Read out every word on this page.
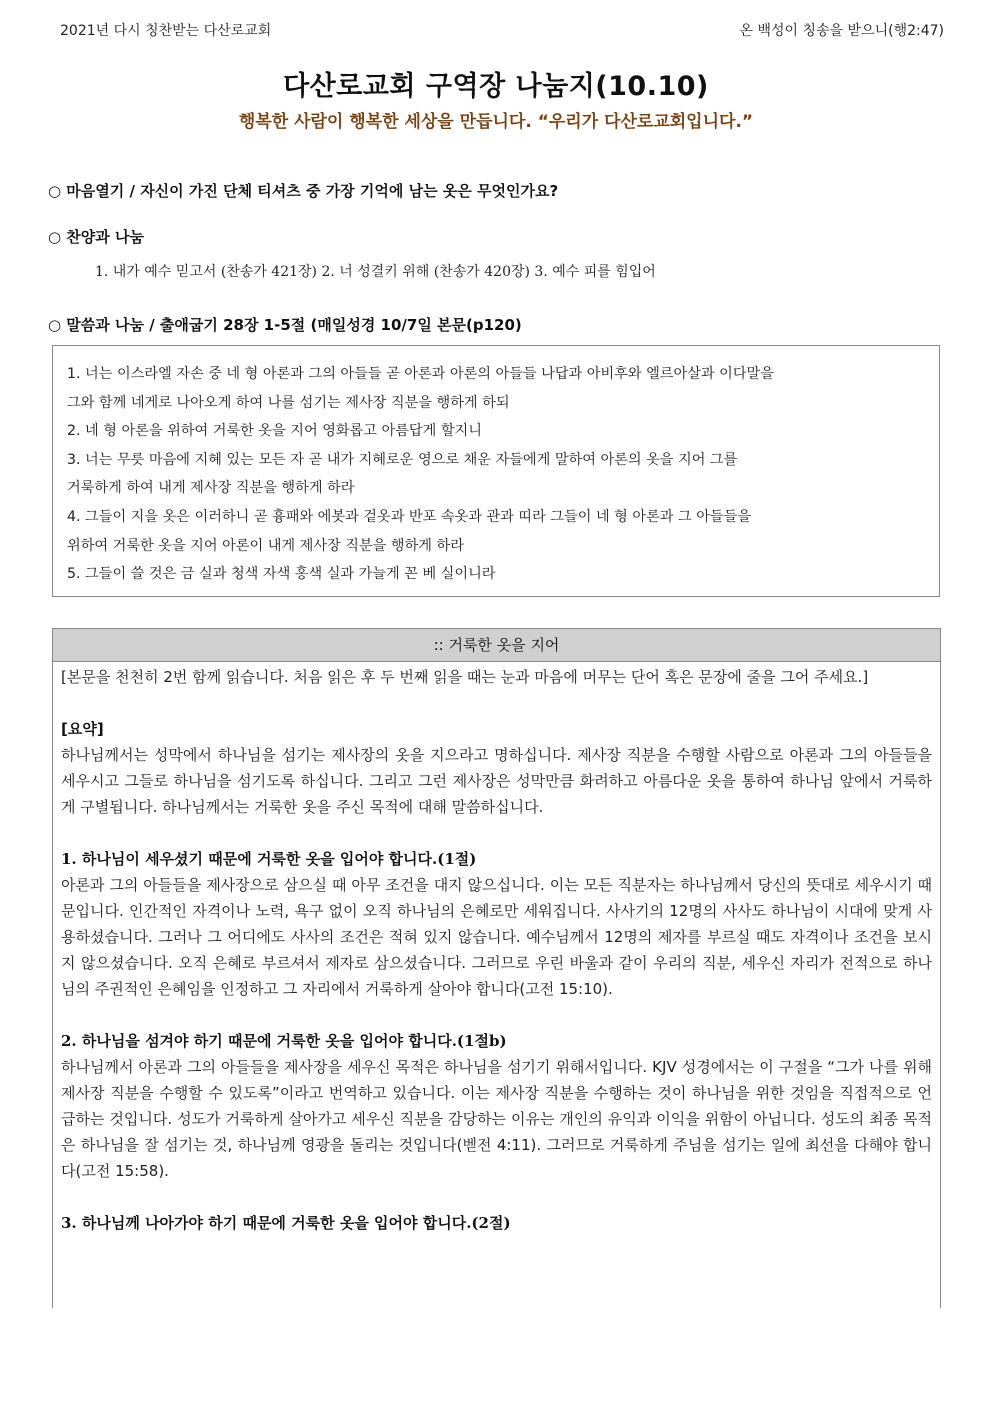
2021년 다시 칭찬받는 다산로교회	온 백성이 칭송을 받으니(행2:47)
다산로교회 구역장 나눔지(10.10)
행복한 사람이 행복한 세상을 만듭니다. “우리가 다산로교회입니다.”
○ 마음열기 / 자신이 가진 단체 티셔츠 중 가장 기억에 남는 옷은 무엇인가요?
○ 찬양과 나눔
1. 내가 예수 믿고서 (찬송가 421장) 2. 너 성결키 위해 (찬송가 420장) 3. 예수 피를 힘입어
○ 말씀과 나눔 / 출애굽기 28장 1-5절 (매일성경 10/7일 본문(p120)

1. 너는 이스라엘 자손 중 네 형 아론과 그의 아들들 곧 아론과 아론의 아들들 나답과 아비후와 엘르아살과 이다말을

그와 함께 네게로 나아오게 하여 나를 섬기는 제사장 직분을 행하게 하되

2. 네 형 아론을 위하여 거룩한 옷을 지어 영화롭고 아름답게 할지니

3. 너는 무릇 마음에 지혜 있는 모든 자 곧 내가 지혜로운 영으로 채운 자들에게 말하여 아론의 옷을 지어 그를

거룩하게 하여 내게 제사장 직분을 행하게 하라

4. 그들이 지을 옷은 이러하니 곧 흉패와 에봇과 겉옷과 반포 속옷과 관과 띠라 그들이 네 형 아론과 그 아들들을

위하여 거룩한 옷을 지어 아론이 내게 제사장 직분을 행하게 하라

5. 그들이 쓸 것은 금 실과 청색 자색 홍색 실과 가늘게 꼰 베 실이니라

:: 거룩한 옷을 지어

[본문을 천천히 2번 함께 읽습니다. 처음 읽은 후 두 번째 읽을 때는 눈과 마음에 머무는 단어 혹은 문장에 줄을 그어 주세요.]

[요약]

하나님께서는 성막에서 하나님을 섬기는 제사장의 옷을 지으라고 명하십니다. 제사장 직분을 수행할 사람으로 아론과 그의 아들들을 세우시고 그들로 하나님을 섬기도록 하십니다. 그리고 그런 제사장은 성막만큼 화려하고 아름다운 옷을 통하여 하나님 앞에서 거룩하게 구별됩니다. 하나님께서는 거룩한 옷을 주신 목적에 대해 말씀하십니다.

1. 하나님이 세우셨기 때문에 거룩한 옷을 입어야 합니다.(1절)

아론과 그의 아들들을 제사장으로 삼으실 때 아무 조건을 대지 않으십니다. 이는 모든 직분자는 하나님께서 당신의 뜻대로 세우시기 때문입니다. 인간적인 자격이나 노력, 욕구 없이 오직 하나님의 은혜로만 세워집니다. 사사기의 12명의 사사도 하나님이 시대에 맞게 사용하셨습니다. 그러나 그 어디에도 사사의 조건은 적혀 있지 않습니다. 예수님께서 12명의 제자를 부르실 때도 자격이나 조건을 보시지 않으셨습니다. 오직 은혜로 부르셔서 제자로 삼으셨습니다. 그러므로 우린 바울과 같이 우리의 직분, 세우신 자리가 전적으로 하나님의 주권적인 은혜임을 인정하고 그 자리에서 거룩하게 살아야 합니다(고전 15:10).

2. 하나님을 섬겨야 하기 때문에 거룩한 옷을 입어야 합니다.(1절b)

하나님께서 아론과 그의 아들들을 제사장을 세우신 목적은 하나님을 섬기기 위해서입니다. KJV 성경에서는 이 구절을 “그가 나를 위해 제사장 직분을 수행할 수 있도록”이라고 번역하고 있습니다. 이는 제사장 직분을 수행하는 것이 하나님을 위한 것임을 직접적으로 언급하는 것입니다. 성도가 거룩하게 살아가고 세우신 직분을 감당하는 이유는 개인의 유익과 이익을 위함이 아닙니다. 성도의 최종 목적은 하나님을 잘 섬기는 것, 하나님께 영광을 돌리는 것입니다(벧전 4:11). 그러므로 거룩하게 주님을 섬기는 일에 최선을 다해야 합니다(고전 15:58).

3. 하나님께 나아가야 하기 때문에 거룩한 옷을 입어야 합니다.(2절)
